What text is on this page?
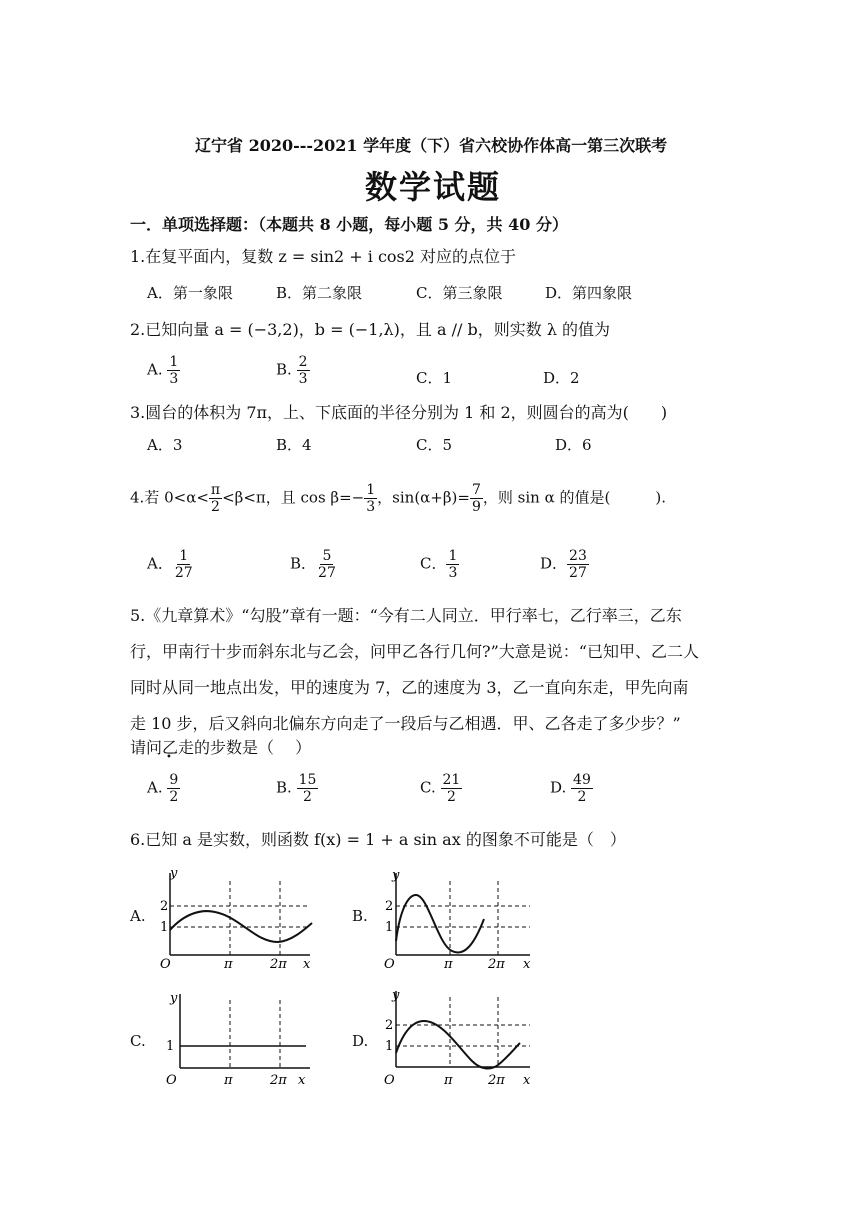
辽宁省 2020---2021 学年度（下）省六校协作体高一第三次联考
数学试题
一．单项选择题：（本题共 8 小题，每小题 5 分，共 40 分）
1.在复平面内，复数 z = sin2 + i cos2 对应的点位于
A．第一象限	B．第二象限	C．第三象限	D．第四象限
2.已知向量 a = (−3,2)，b = (−1,λ)，且 a // b，则实数 λ 的值为
A. $\frac{1}{3}$	B. $\frac{2}{3}$	C．1	D．2
3.圆台的体积为 7π，上、下底面的半径分别为 1 和 2，则圆台的高为(　　)
A．3	B．4	C．5	D．6
4.若 $0<\alpha< \frac{\pi}{2} <\beta<\pi$，且 $\cos \beta=- \frac{1}{3}$ ，$\sin(\alpha+\beta)= \frac{7}{9}$ ，则 sin α 的值是(　　　).
A． $\frac{1}{27}$	B． $\frac{5}{27}$	C． $\frac{1}{3}$	D． $\frac{23}{27}$
5.《九章算术》“勾股”章有一题：“今有二人同立．甲行率七，乙行率三，乙东行，甲南行十步而斜东北与乙会，问甲乙各行几何?”大意是说：“已知甲、乙二人同时从同一地点出发，甲的速度为 7，乙的速度为 3，乙一直向东走，甲先向南走 10 步，后又斜向北偏东方向走了一段后与乙相遇．甲、乙各走了多少步？”
请问乙走的步数是（　 ）
A. $\frac{9}{2}$	B. $\frac{15}{2}$	C. $\frac{21}{2}$	D. $\frac{49}{2}$
6.已知 a 是实数，则函数 f(x) = 1 + a sin ax 的图象不可能是（　）
A.	B.
C.	D.
y
x
O	π	2π
2
1
y
x
O	π	2π
2
1
y
x
O	π	2π
1
y
x
O	π	2π
2
1
